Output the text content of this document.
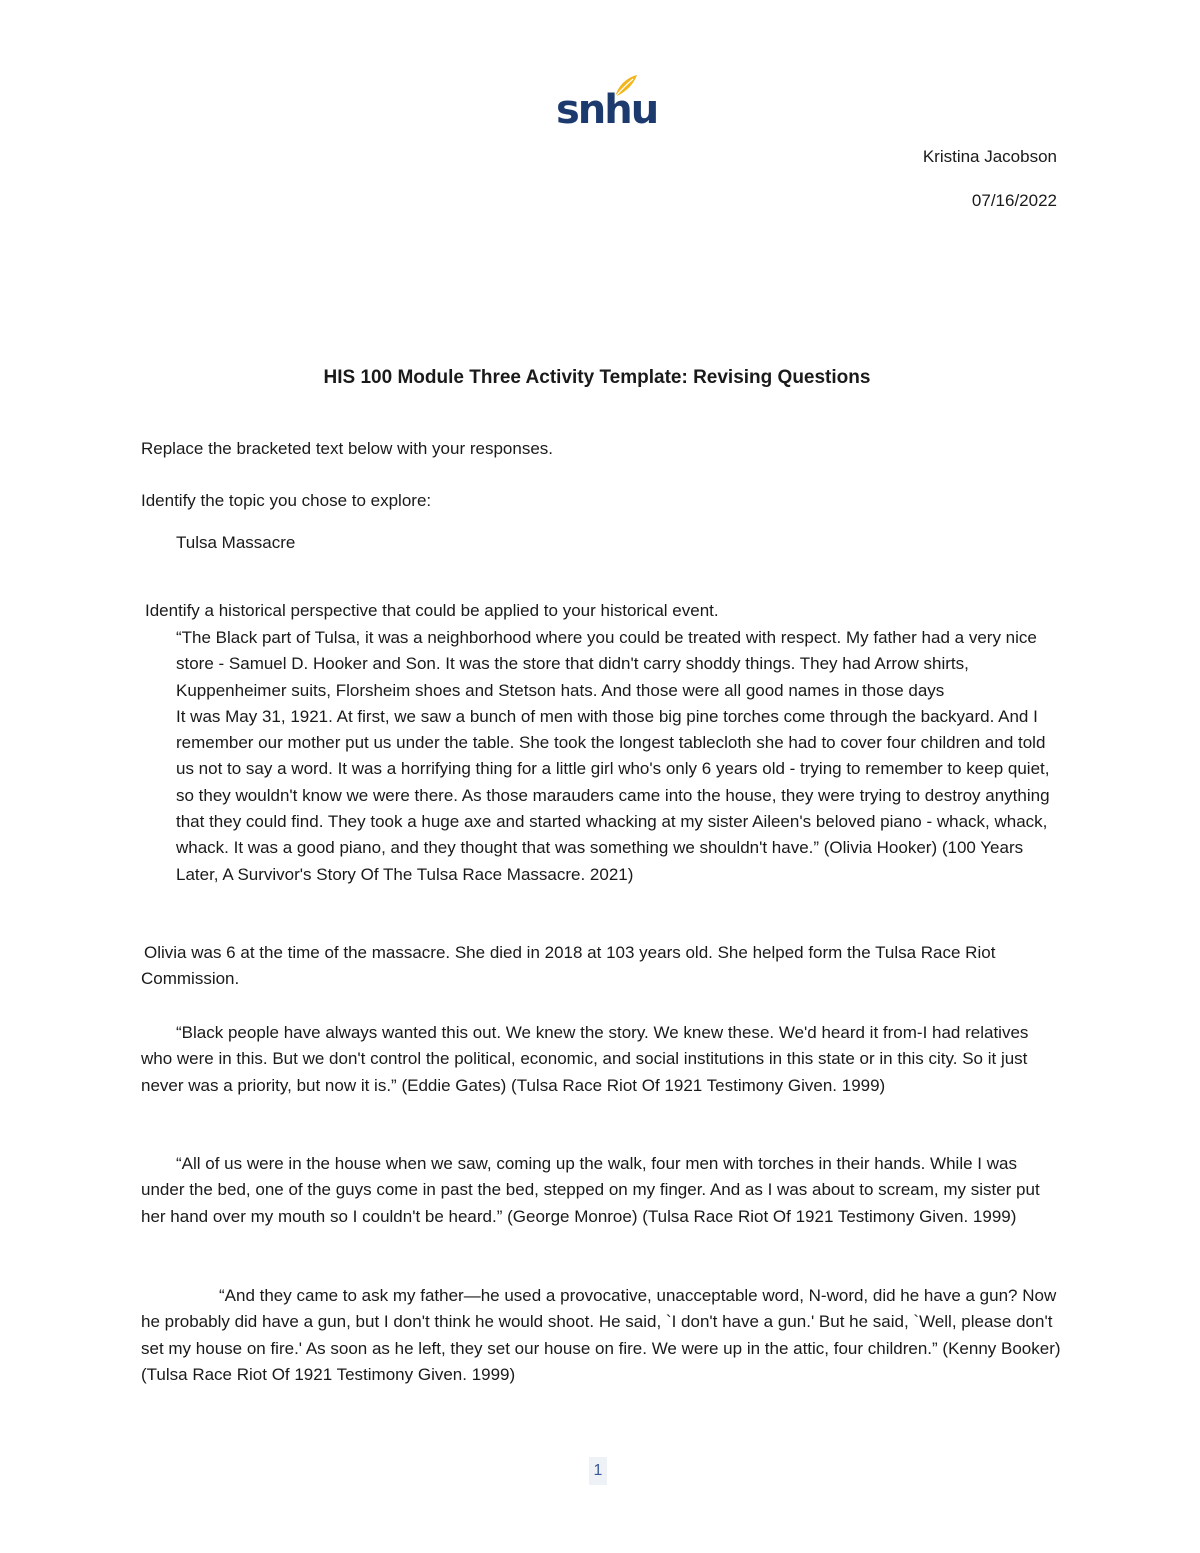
snhu
Kristina Jacobson
07/16/2022
HIS 100 Module Three Activity Template: Revising Questions
Replace the bracketed text below with your responses.
Identify the topic you chose to explore:
Tulsa Massacre
Identify a historical perspective that could be applied to your historical event.

“The Black part of Tulsa, it was a neighborhood where you could be treated with respect. My father had a very nice store - Samuel D. Hooker and Son. It was the store that didn't carry shoddy things. They had Arrow shirts, Kuppenheimer suits, Florsheim shoes and Stetson hats. And those were all good names in those days

It was May 31, 1921. At first, we saw a bunch of men with those big pine torches come through the backyard. And I remember our mother put us under the table. She took the longest tablecloth she had to cover four children and told us not to say a word. It was a horrifying thing for a little girl who's only 6 years old - trying to remember to keep quiet, so they wouldn't know we were there. As those marauders came into the house, they were trying to destroy anything that they could find. They took a huge axe and started whacking at my sister Aileen's beloved piano - whack, whack, whack. It was a good piano, and they thought that was something we shouldn't have.” (Olivia Hooker) (100 Years Later, A Survivor's Story Of The Tulsa Race Massacre. 2021)

Olivia was 6 at the time of the massacre. She died in 2018 at 103 years old. She helped form the Tulsa Race Riot Commission.

“Black people have always wanted this out. We knew the story. We knew these. We'd heard it from-I had relatives who were in this. But we don't control the political, economic, and social institutions in this state or in this city. So it just never was a priority, but now it is.” (Eddie Gates) (Tulsa Race Riot Of 1921 Testimony Given. 1999)
“All of us were in the house when we saw, coming up the walk, four men with torches in their hands. While I was under the bed, one of the guys come in past the bed, stepped on my finger. And as I was about to scream, my sister put her hand over my mouth so I couldn't be heard.” (George Monroe) (Tulsa Race Riot Of 1921 Testimony Given. 1999)
“And they came to ask my father—he used a provocative, unacceptable word, N-word, did he have a gun? Now he probably did have a gun, but I don't think he would shoot. He said, `I don't have a gun.' But he said, `Well, please don't set my house on fire.' As soon as he left, they set our house on fire. We were up in the attic, four children.” (Kenny Booker) (Tulsa Race Riot Of 1921 Testimony Given. 1999)
1
